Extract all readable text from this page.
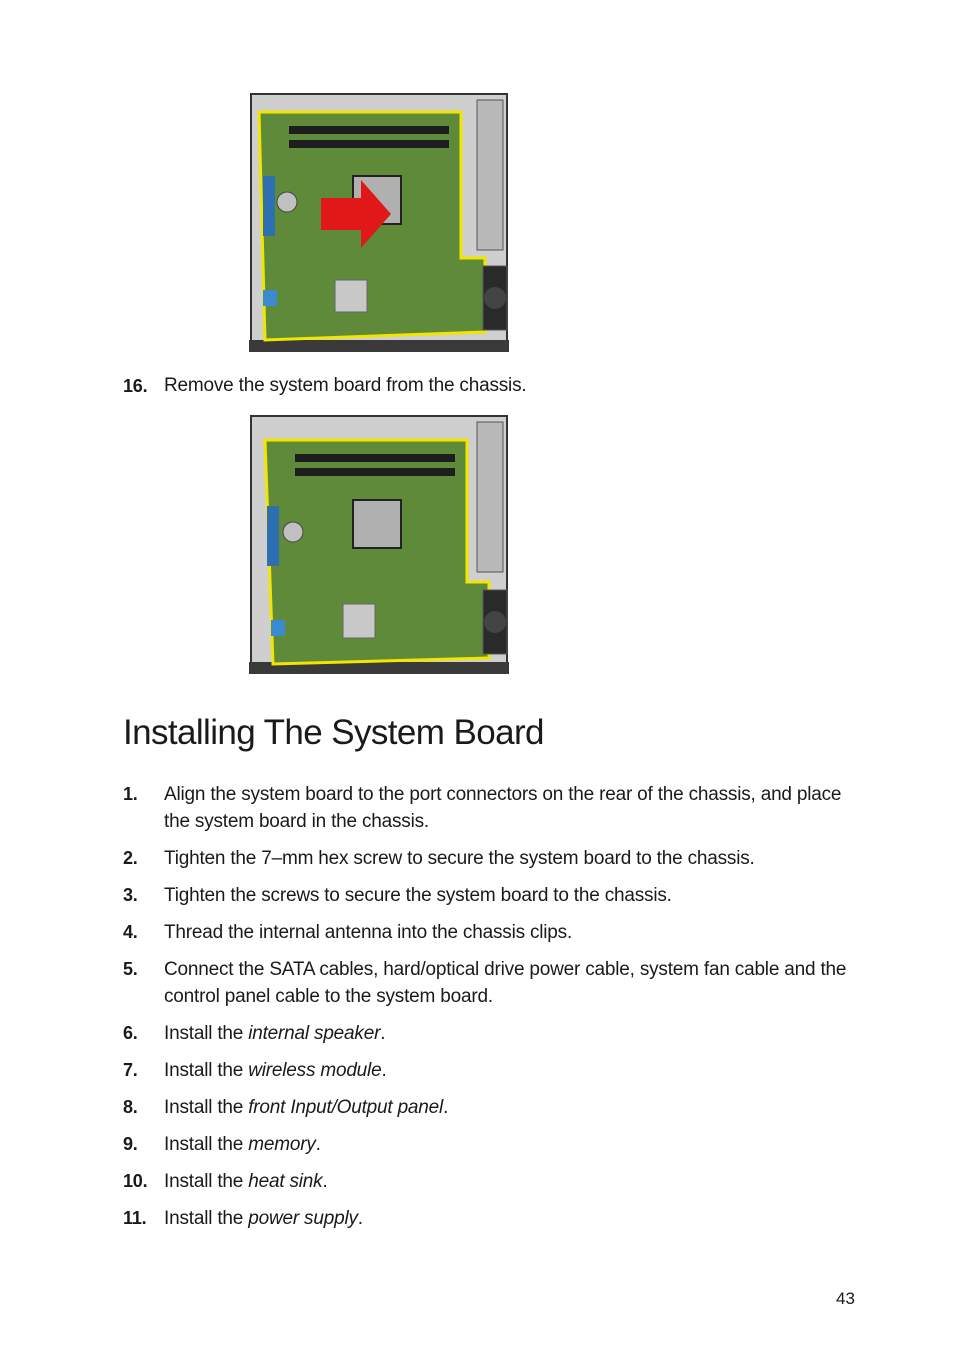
16. Remove the system board from the chassis.
Installing The System Board
1. Align the system board to the port connectors on the rear of the chassis, and place the system board in the chassis.
2. Tighten the 7–mm hex screw to secure the system board to the chassis.
3. Tighten the screws to secure the system board to the chassis.
4. Thread the internal antenna into the chassis clips.
5. Connect the SATA cables, hard/optical drive power cable, system fan cable and the control panel cable to the system board.
6. Install the internal speaker.
7. Install the wireless module.
8. Install the front Input/Output panel.
9. Install the memory.
10. Install the heat sink.
11. Install the power supply.
43
